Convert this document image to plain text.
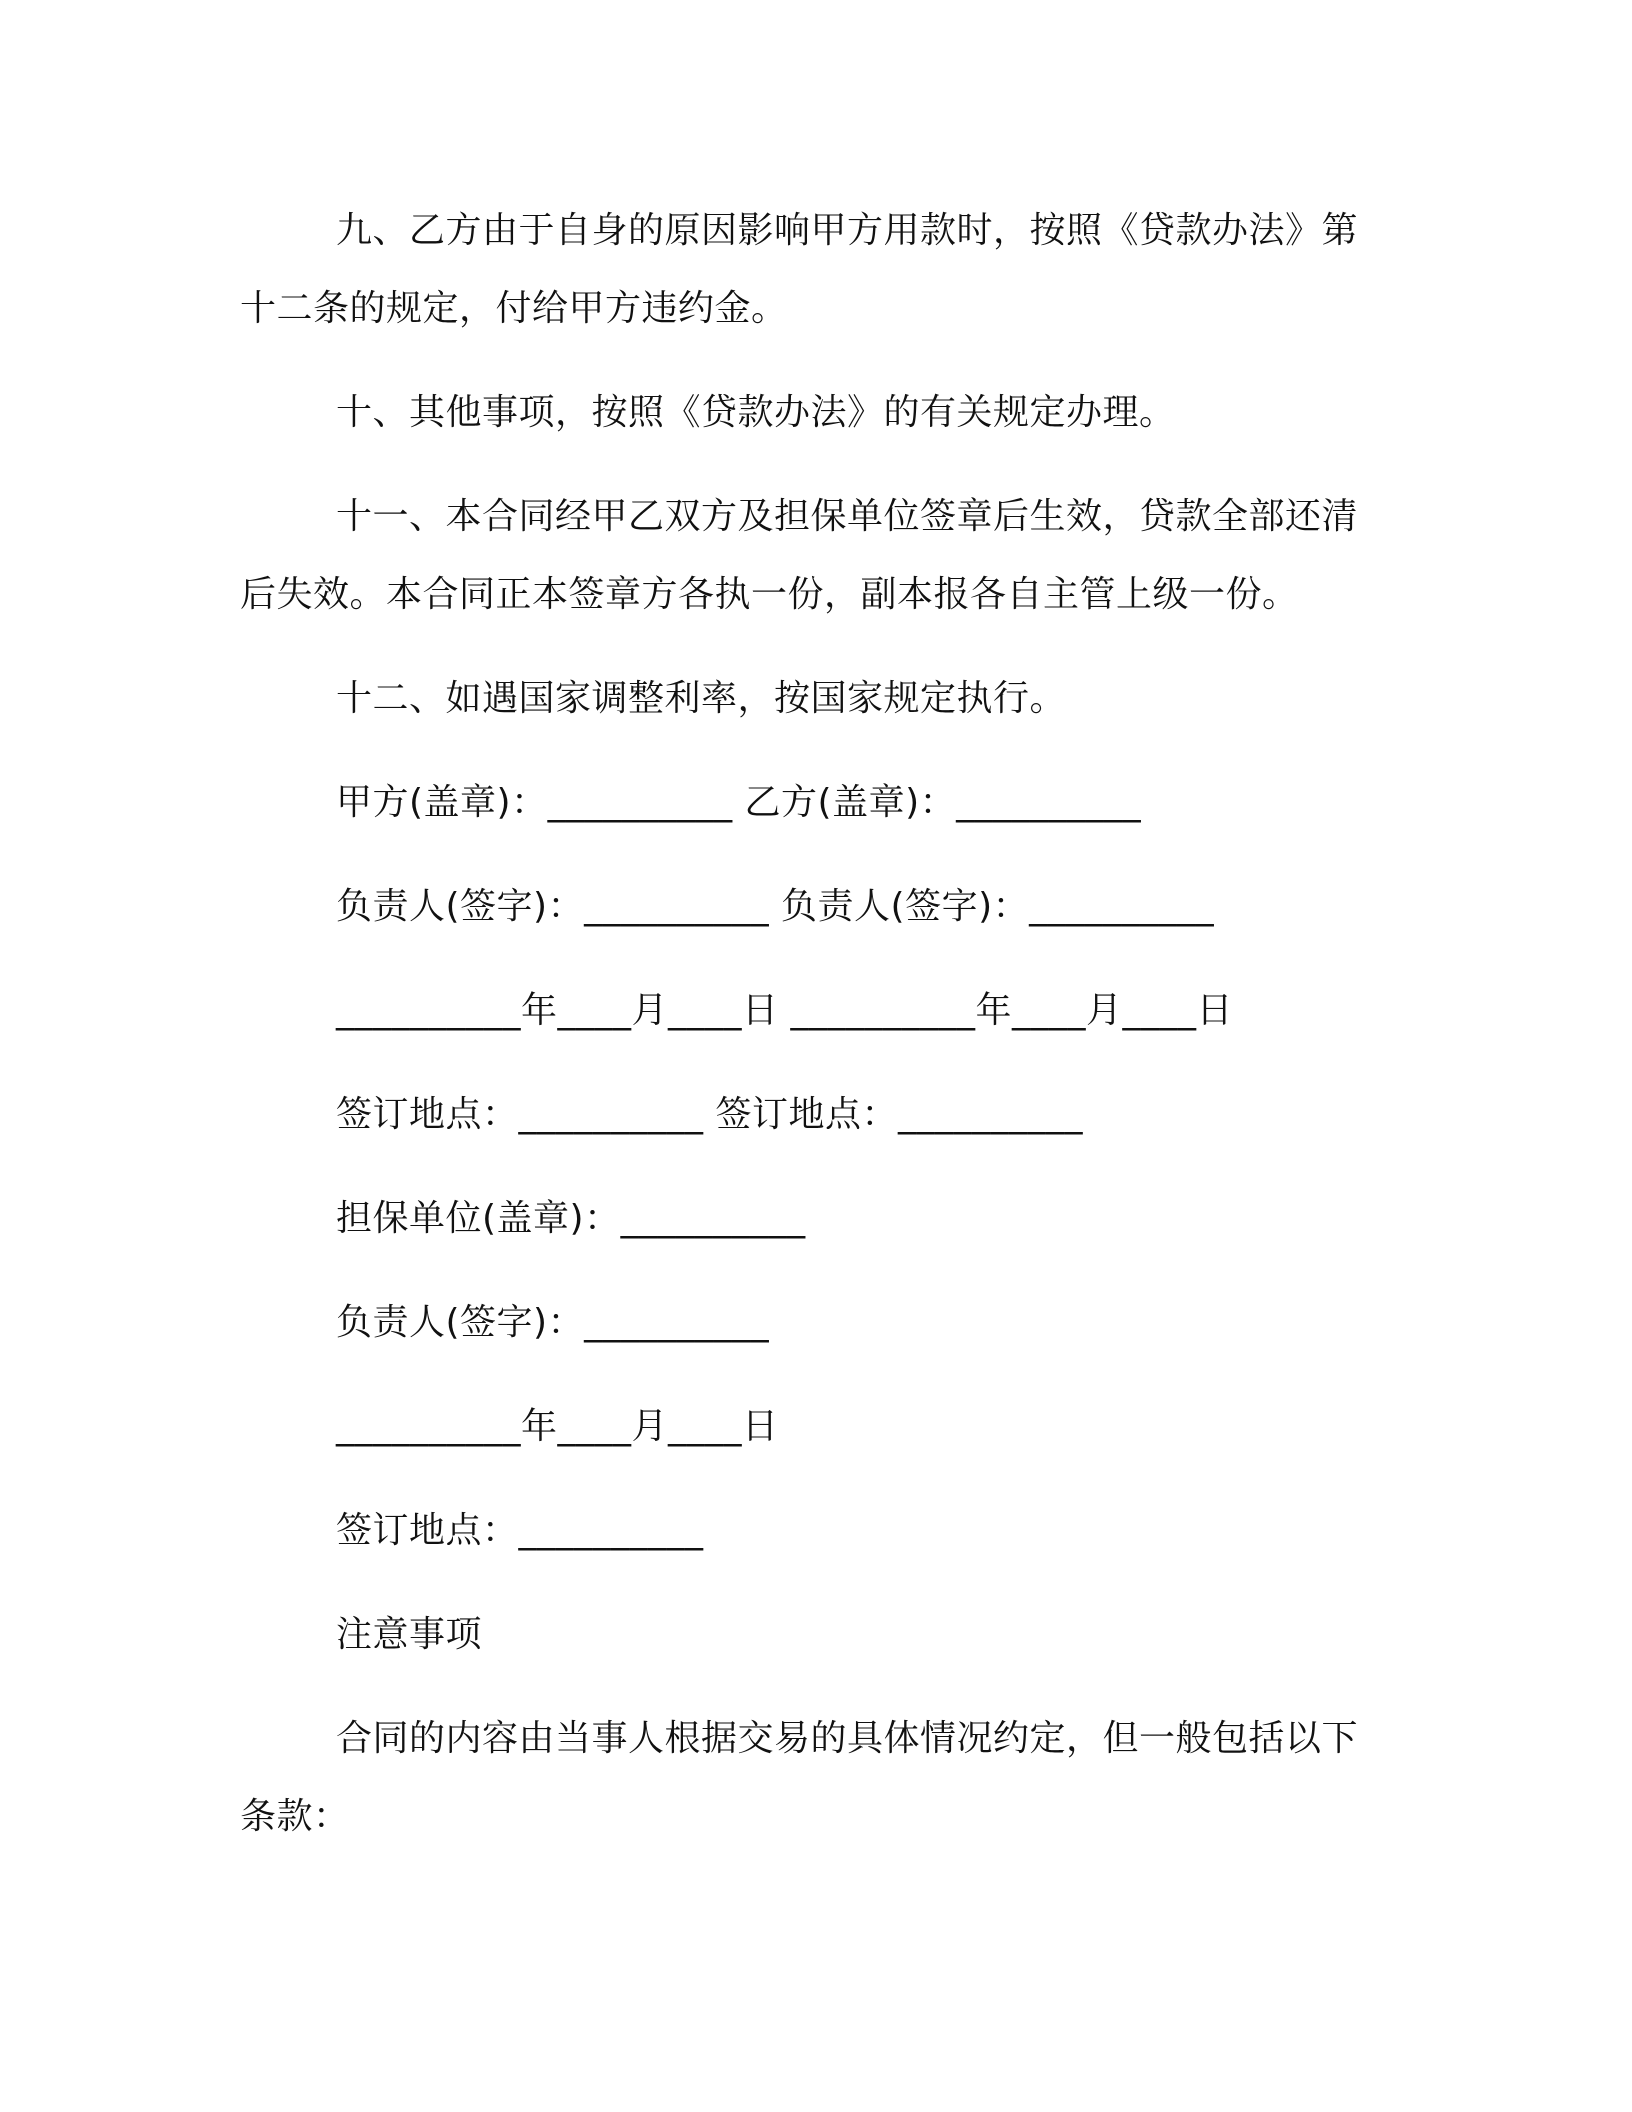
九、乙方由于自身的原因影响甲方用款时，按照《贷款办法》第十二条的规定，付给甲方违约金。

十、其他事项，按照《贷款办法》的有关规定办理。

十一、本合同经甲乙双方及担保单位签章后生效，贷款全部还清后失效。本合同正本签章方各执一份，副本报各自主管上级一份。

十二、如遇国家调整利率，按国家规定执行。

甲方(盖章)：__________ 乙方(盖章)：__________
负责人(签字)：__________ 负责人(签字)：__________
__________年____月____日 __________年____月____日
签订地点：__________ 签订地点：__________
担保单位(盖章)：__________
负责人(签字)：__________
__________年____月____日
签订地点：__________
注意事项

合同的内容由当事人根据交易的具体情况约定，但一般包括以下条款：
